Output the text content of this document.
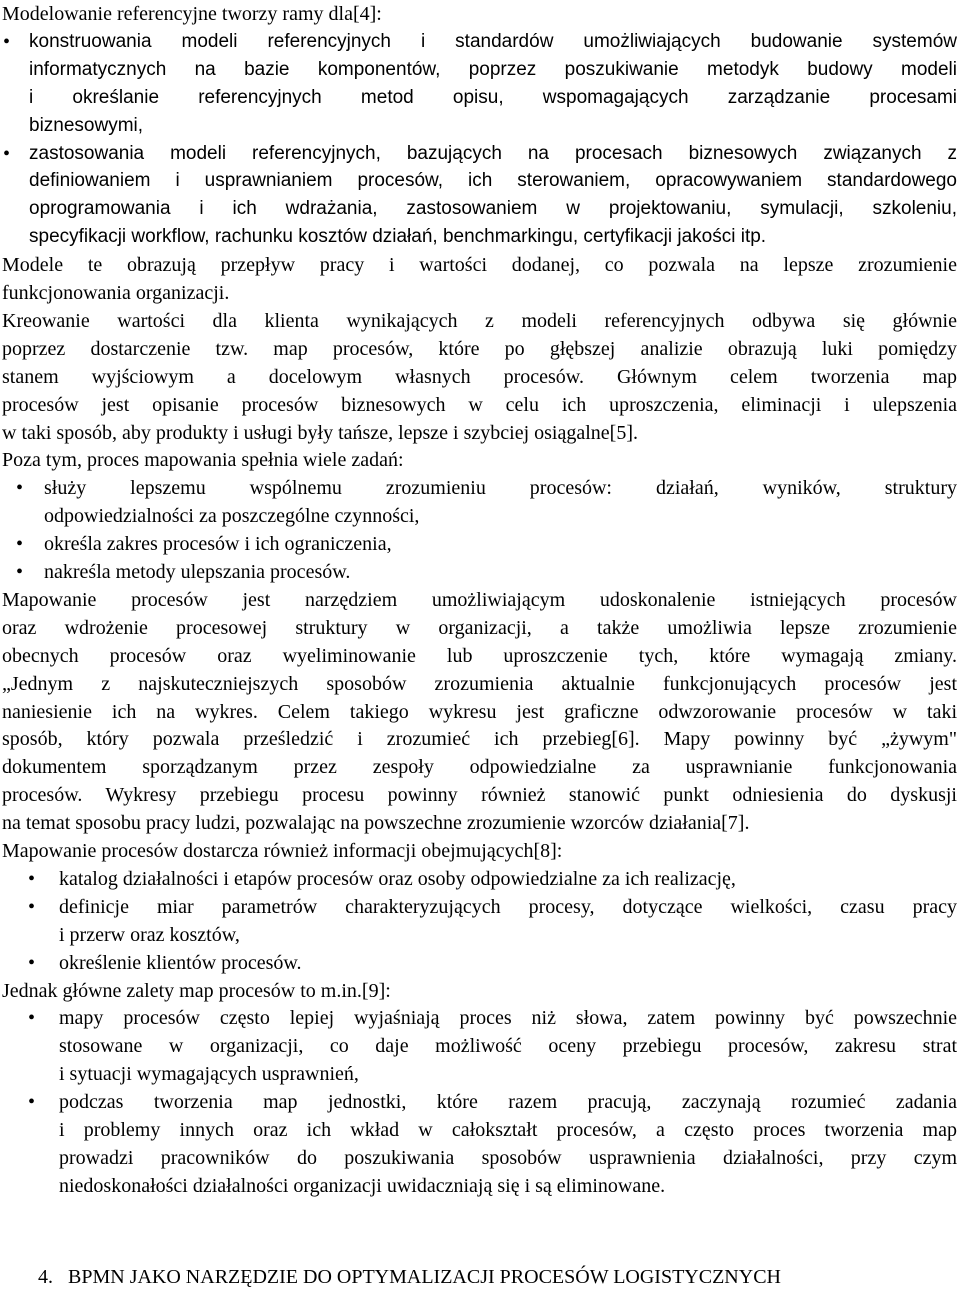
Modelowanie referencyjne tworzy ramy dla[4]:
• konstruowania modeli referencyjnych i standardów umożliwiających budowanie systemów
informatycznych na bazie komponentów, poprzez poszukiwanie metodyk budowy modeli
i określanie referencyjnych metod opisu, wspomagających zarządzanie procesami
biznesowymi,
• zastosowania modeli referencyjnych, bazujących na procesach biznesowych związanych z
definiowaniem i usprawnianiem procesów, ich sterowaniem, opracowywaniem standardowego
oprogramowania i ich wdrażania, zastosowaniem w projektowaniu, symulacji, szkoleniu,
specyfikacji workflow, rachunku kosztów działań, benchmarkingu, certyfikacji jakości itp.
Modele te obrazują przepływ pracy i wartości dodanej, co pozwala na lepsze zrozumienie
funkcjonowania organizacji.
Kreowanie wartości dla klienta wynikających z modeli referencyjnych odbywa się głównie
poprzez dostarczenie tzw. map procesów, które po głębszej analizie obrazują luki pomiędzy
stanem wyjściowym a docelowym własnych procesów. Głównym celem tworzenia map
procesów jest opisanie procesów biznesowych w celu ich uproszczenia, eliminacji i ulepszenia
w taki sposób, aby produkty i usługi były tańsze, lepsze i szybciej osiągalne[5].
Poza tym, proces mapowania spełnia wiele zadań:
• służy lepszemu wspólnemu zrozumieniu procesów: działań, wyników, struktury
odpowiedzialności za poszczególne czynności,
• określa zakres procesów i ich ograniczenia,
• nakreśla metody ulepszania procesów.
Mapowanie procesów jest narzędziem umożliwiającym udoskonalenie istniejących procesów
oraz wdrożenie procesowej struktury w organizacji, a także umożliwia lepsze zrozumienie
obecnych procesów oraz wyeliminowanie lub uproszczenie tych, które wymagają zmiany.
„Jednym z najskuteczniejszych sposobów zrozumienia aktualnie funkcjonujących procesów jest
naniesienie ich na wykres. Celem takiego wykresu jest graficzne odwzorowanie procesów w taki
sposób, który pozwala prześledzić i zrozumieć ich przebieg[6]. Mapy powinny być „żywym"
dokumentem sporządzanym przez zespoły odpowiedzialne za usprawnianie funkcjonowania
procesów. Wykresy przebiegu procesu powinny również stanowić punkt odniesienia do dyskusji
na temat sposobu pracy ludzi, pozwalając na powszechne zrozumienie wzorców działania[7].
Mapowanie procesów dostarcza również informacji obejmujących[8]:
• katalog działalności i etapów procesów oraz osoby odpowiedzialne za ich realizację,
• definicje miar parametrów charakteryzujących procesy, dotyczące wielkości, czasu pracy
i przerw oraz kosztów,
• określenie klientów procesów.
Jednak główne zalety map procesów to m.in.[9]:
• mapy procesów często lepiej wyjaśniają proces niż słowa, zatem powinny być powszechnie
stosowane w organizacji, co daje możliwość oceny przebiegu procesów, zakresu strat
i sytuacji wymagających usprawnień,
• podczas tworzenia map jednostki, które razem pracują, zaczynają rozumieć zadania
i problemy innych oraz ich wkład w całokształt procesów, a często proces tworzenia map
prowadzi pracowników do poszukiwania sposobów usprawnienia działalności, przy czym
niedoskonałości działalności organizacji uwidaczniają się i są eliminowane.
4. BPMN JAKO NARZĘDZIE DO OPTYMALIZACJI PROCESÓW LOGISTYCZNYCH
